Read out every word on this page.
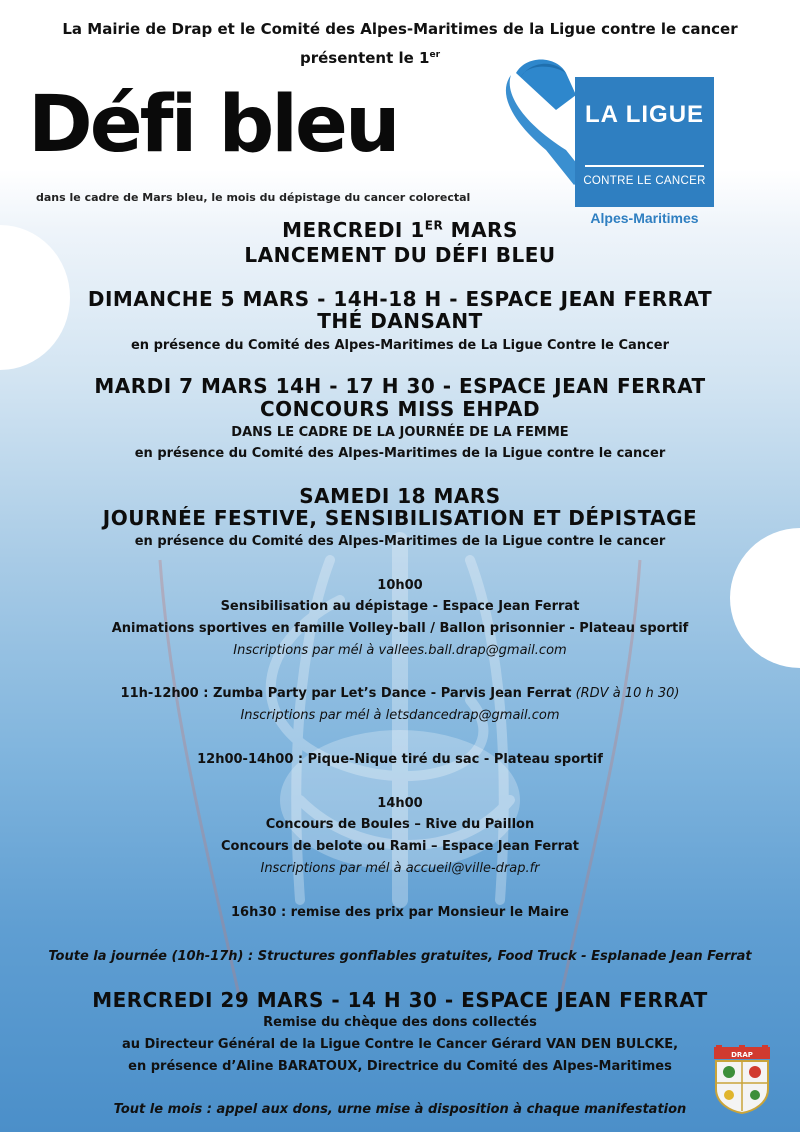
La Mairie de Drap et le Comité des Alpes-Maritimes de la Ligue contre le cancer
présentent le 1er
Défi bleu
dans le cadre de Mars bleu, le mois du dépistage du cancer colorectal
LA LIGUE
CONTRE LE CANCER
Alpes-Maritimes
MERCREDI 1ER MARS
LANCEMENT DU DÉFI BLEU
DIMANCHE 5 MARS - 14H-18 H - ESPACE JEAN FERRAT
THÉ DANSANT
en présence du Comité des Alpes-Maritimes de La Ligue Contre le Cancer
MARDI 7 MARS 14H - 17 H 30 - ESPACE JEAN FERRAT
CONCOURS MISS EHPAD
DANS LE CADRE DE LA JOURNÉE DE LA FEMME
en présence du Comité des Alpes-Maritimes de la Ligue contre le cancer
SAMEDI 18 MARS
JOURNÉE FESTIVE, SENSIBILISATION ET DÉPISTAGE
en présence du Comité des Alpes-Maritimes de la Ligue contre le cancer
10h00
Sensibilisation au dépistage - Espace Jean Ferrat
Animations sportives en famille Volley-ball / Ballon prisonnier - Plateau sportif
Inscriptions par mél à vallees.ball.drap@gmail.com
11h-12h00 : Zumba Party par Let’s Dance - Parvis Jean Ferrat (RDV à 10 h 30)
Inscriptions par mél à letsdancedrap@gmail.com
12h00-14h00 : Pique-Nique tiré du sac - Plateau sportif
14h00
Concours de Boules – Rive du Paillon
Concours de belote ou Rami – Espace Jean Ferrat
Inscriptions par mél à accueil@ville-drap.fr
16h30 : remise des prix par Monsieur le Maire
Toute la journée (10h-17h) : Structures gonflables gratuites, Food Truck - Esplanade Jean Ferrat
MERCREDI 29 MARS - 14 H 30 - ESPACE JEAN FERRAT
Remise du chèque des dons collectés
au Directeur Général de la Ligue Contre le Cancer Gérard VAN DEN BULCKE,
en présence d’Aline BARATOUX, Directrice du Comité des Alpes-Maritimes
Tout le mois : appel aux dons, urne mise à disposition à chaque manifestation
DRAP
